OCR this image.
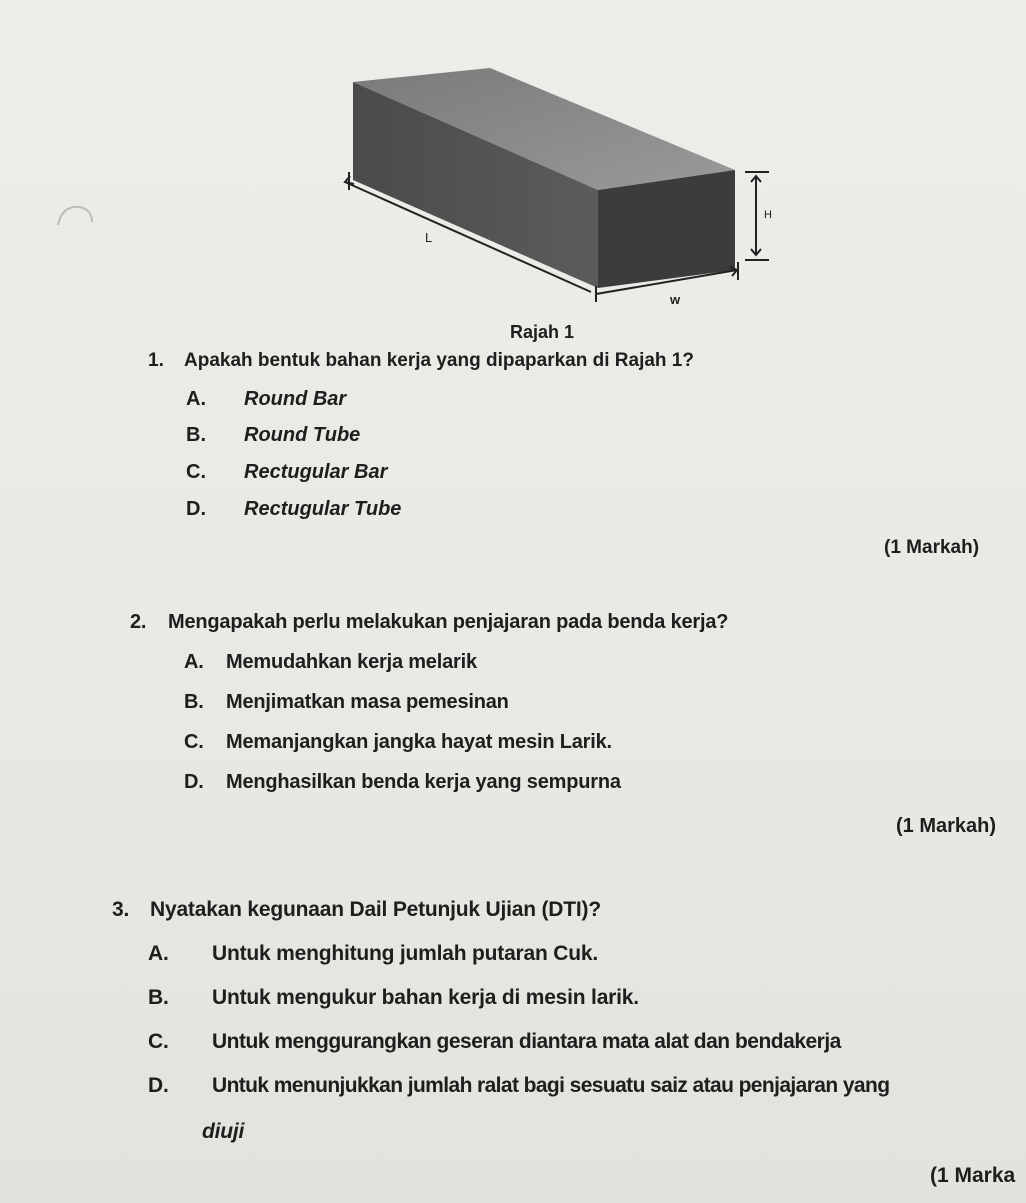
L
w
H
Rajah 1
1. Apakah bentuk bahan kerja yang dipaparkan di Rajah 1?
A. Round Bar
B. Round Tube
C. Rectugular Bar
D. Rectugular Tube
(1 Markah)
2. Mengapakah perlu melakukan penjajaran pada benda kerja?
A. Memudahkan kerja melarik
B. Menjimatkan masa pemesinan
C. Memanjangkan jangka hayat mesin Larik.
D. Menghasilkan benda kerja yang sempurna
(1 Markah)
3. Nyatakan kegunaan Dail Petunjuk Ujian (DTI)?
A. Untuk menghitung jumlah putaran Cuk.
B. Untuk mengukur bahan kerja di mesin larik.
C. Untuk menggurangkan geseran diantara mata alat dan bendakerja
D. Untuk menunjukkan jumlah ralat bagi sesuatu saiz atau penjajaran yang
diuji
(1 Marka
